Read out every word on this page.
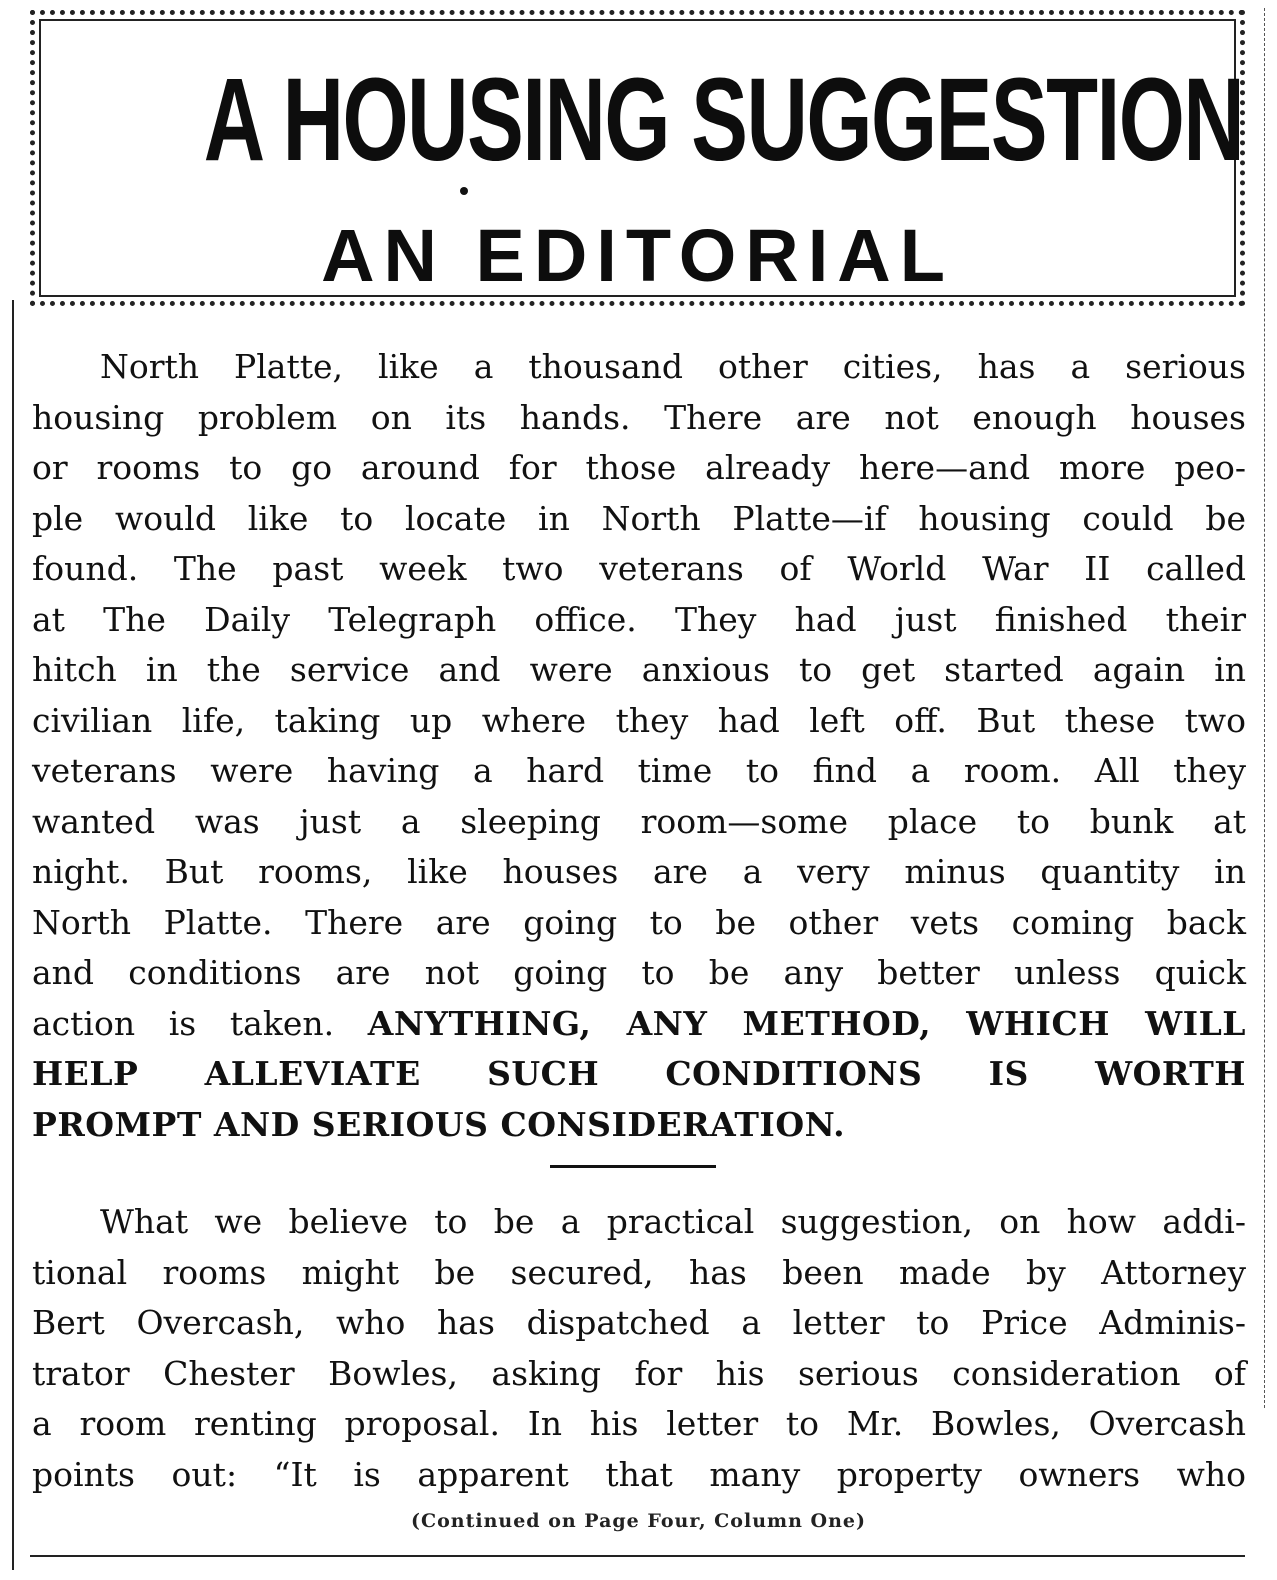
A HOUSING SUGGESTION
AN EDITORIAL
North Platte, like a thousand other cities, has a serious
housing problem on its hands. There are not enough houses
or rooms to go around for those already here—and more peo-
ple would like to locate in North Platte—if housing could be
found. The past week two veterans of World War II called
at The Daily Telegraph office. They had just finished their
hitch in the service and were anxious to get started again in
civilian life, taking up where they had left off. But these two
veterans were having a hard time to find a room. All they
wanted was just a sleeping room—some place to bunk at
night. But rooms, like houses are a very minus quantity in
North Platte. There are going to be other vets coming back
and conditions are not going to be any better unless quick
action is taken. ANYTHING, ANY METHOD, WHICH WILL
HELP ALLEVIATE SUCH CONDITIONS IS WORTH
PROMPT AND SERIOUS CONSIDERATION.
What we believe to be a practical suggestion, on how addi-
tional rooms might be secured, has been made by Attorney
Bert Overcash, who has dispatched a letter to Price Adminis-
trator Chester Bowles, asking for his serious consideration of
a room renting proposal. In his letter to Mr. Bowles, Overcash
points out: “It is apparent that many property owners who
(Continued on Page Four, Column One)
